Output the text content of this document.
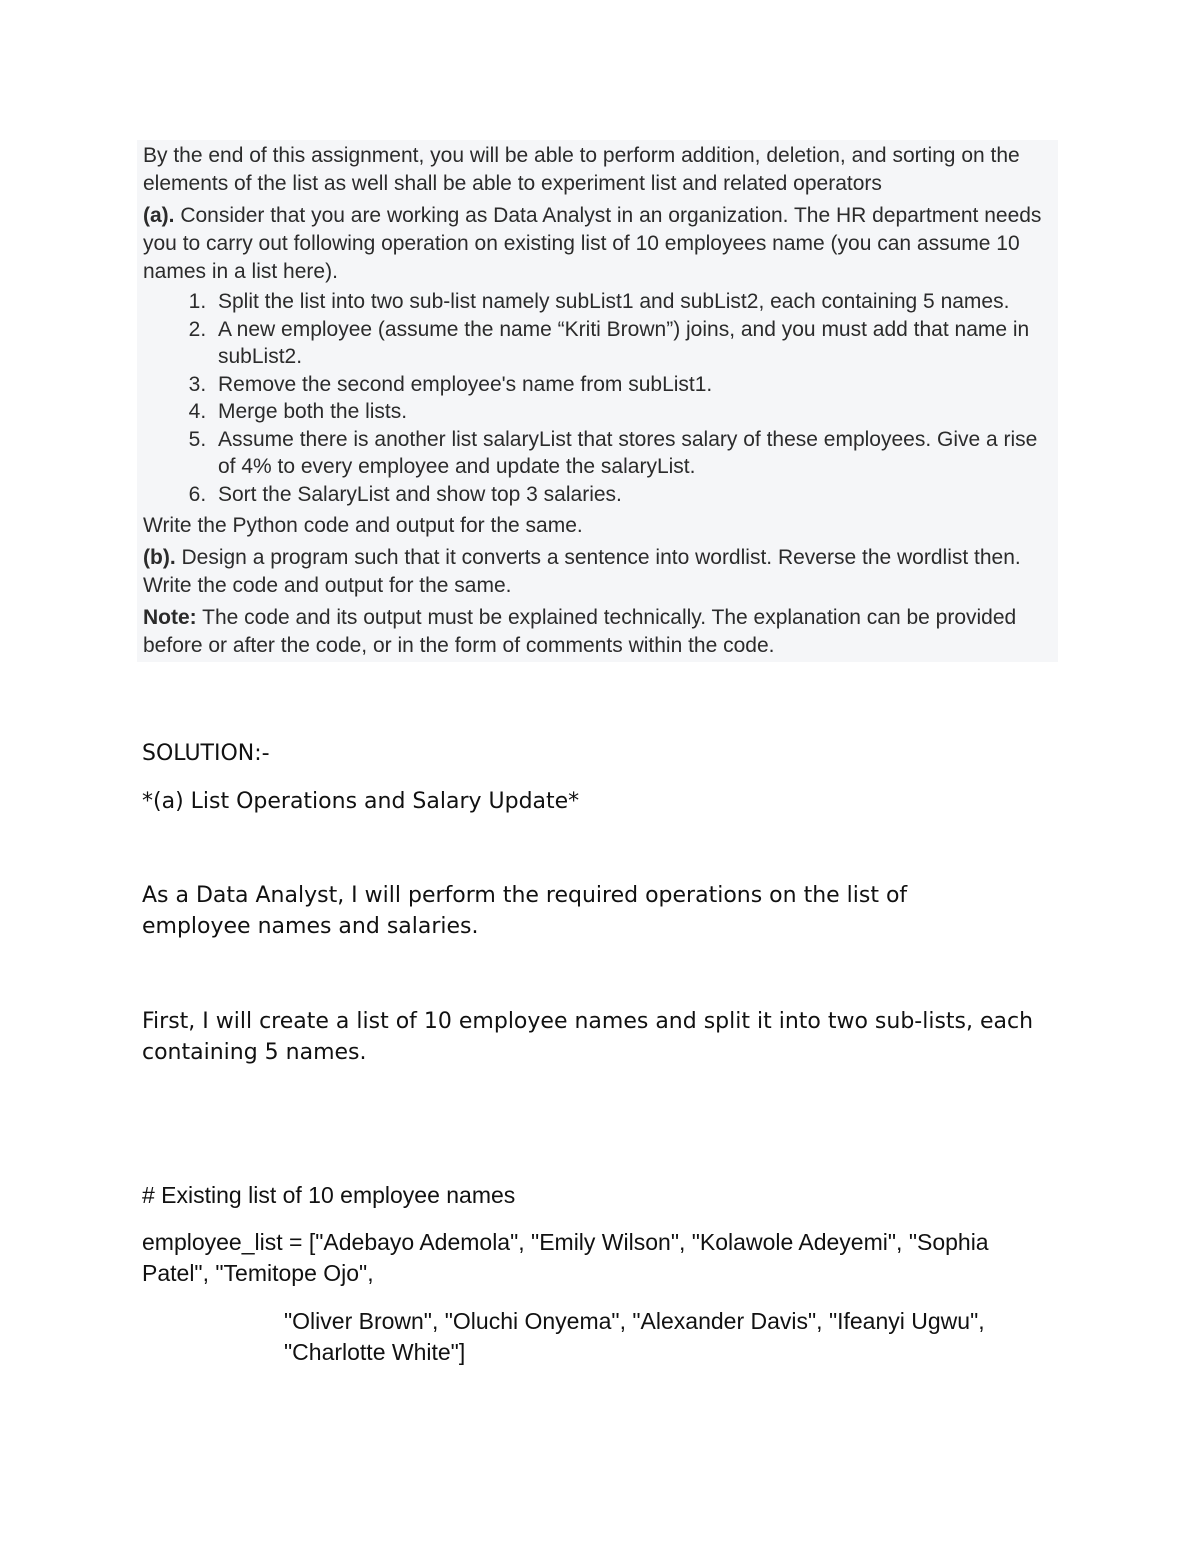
By the end of this assignment, you will be able to perform addition, deletion, and sorting on the elements of the list as well shall be able to experiment list and related operators

(a). Consider that you are working as Data Analyst in an organization. The HR department needs you to carry out following operation on existing list of 10 employees name (you can assume 10 names in a list here).

1. Split the list into two sub-list namely subList1 and subList2, each containing 5 names.
2. A new employee (assume the name “Kriti Brown”) joins, and you must add that name in subList2.
3. Remove the second employee's name from subList1.
4. Merge both the lists.
5. Assume there is another list salaryList that stores salary of these employees. Give a rise of 4% to every employee and update the salaryList.
6. Sort the SalaryList and show top 3 salaries.

Write the Python code and output for the same.

(b). Design a program such that it converts a sentence into wordlist. Reverse the wordlist then. Write the code and output for the same.

Note: The code and its output must be explained technically. The explanation can be provided before or after the code, or in the form of comments within the code.

SOLUTION:-

*(a) List Operations and Salary Update*

As a Data Analyst, I will perform the required operations on the list of employee names and salaries.

First, I will create a list of 10 employee names and split it into two sub-lists, each containing 5 names.

# Existing list of 10 employee names

employee_list = ["Adebayo Ademola", "Emily Wilson", "Kolawole Adeyemi", "Sophia Patel", "Temitope Ojo",

"Oliver Brown", "Oluchi Onyema", "Alexander Davis", "Ifeanyi Ugwu", "Charlotte White"]
